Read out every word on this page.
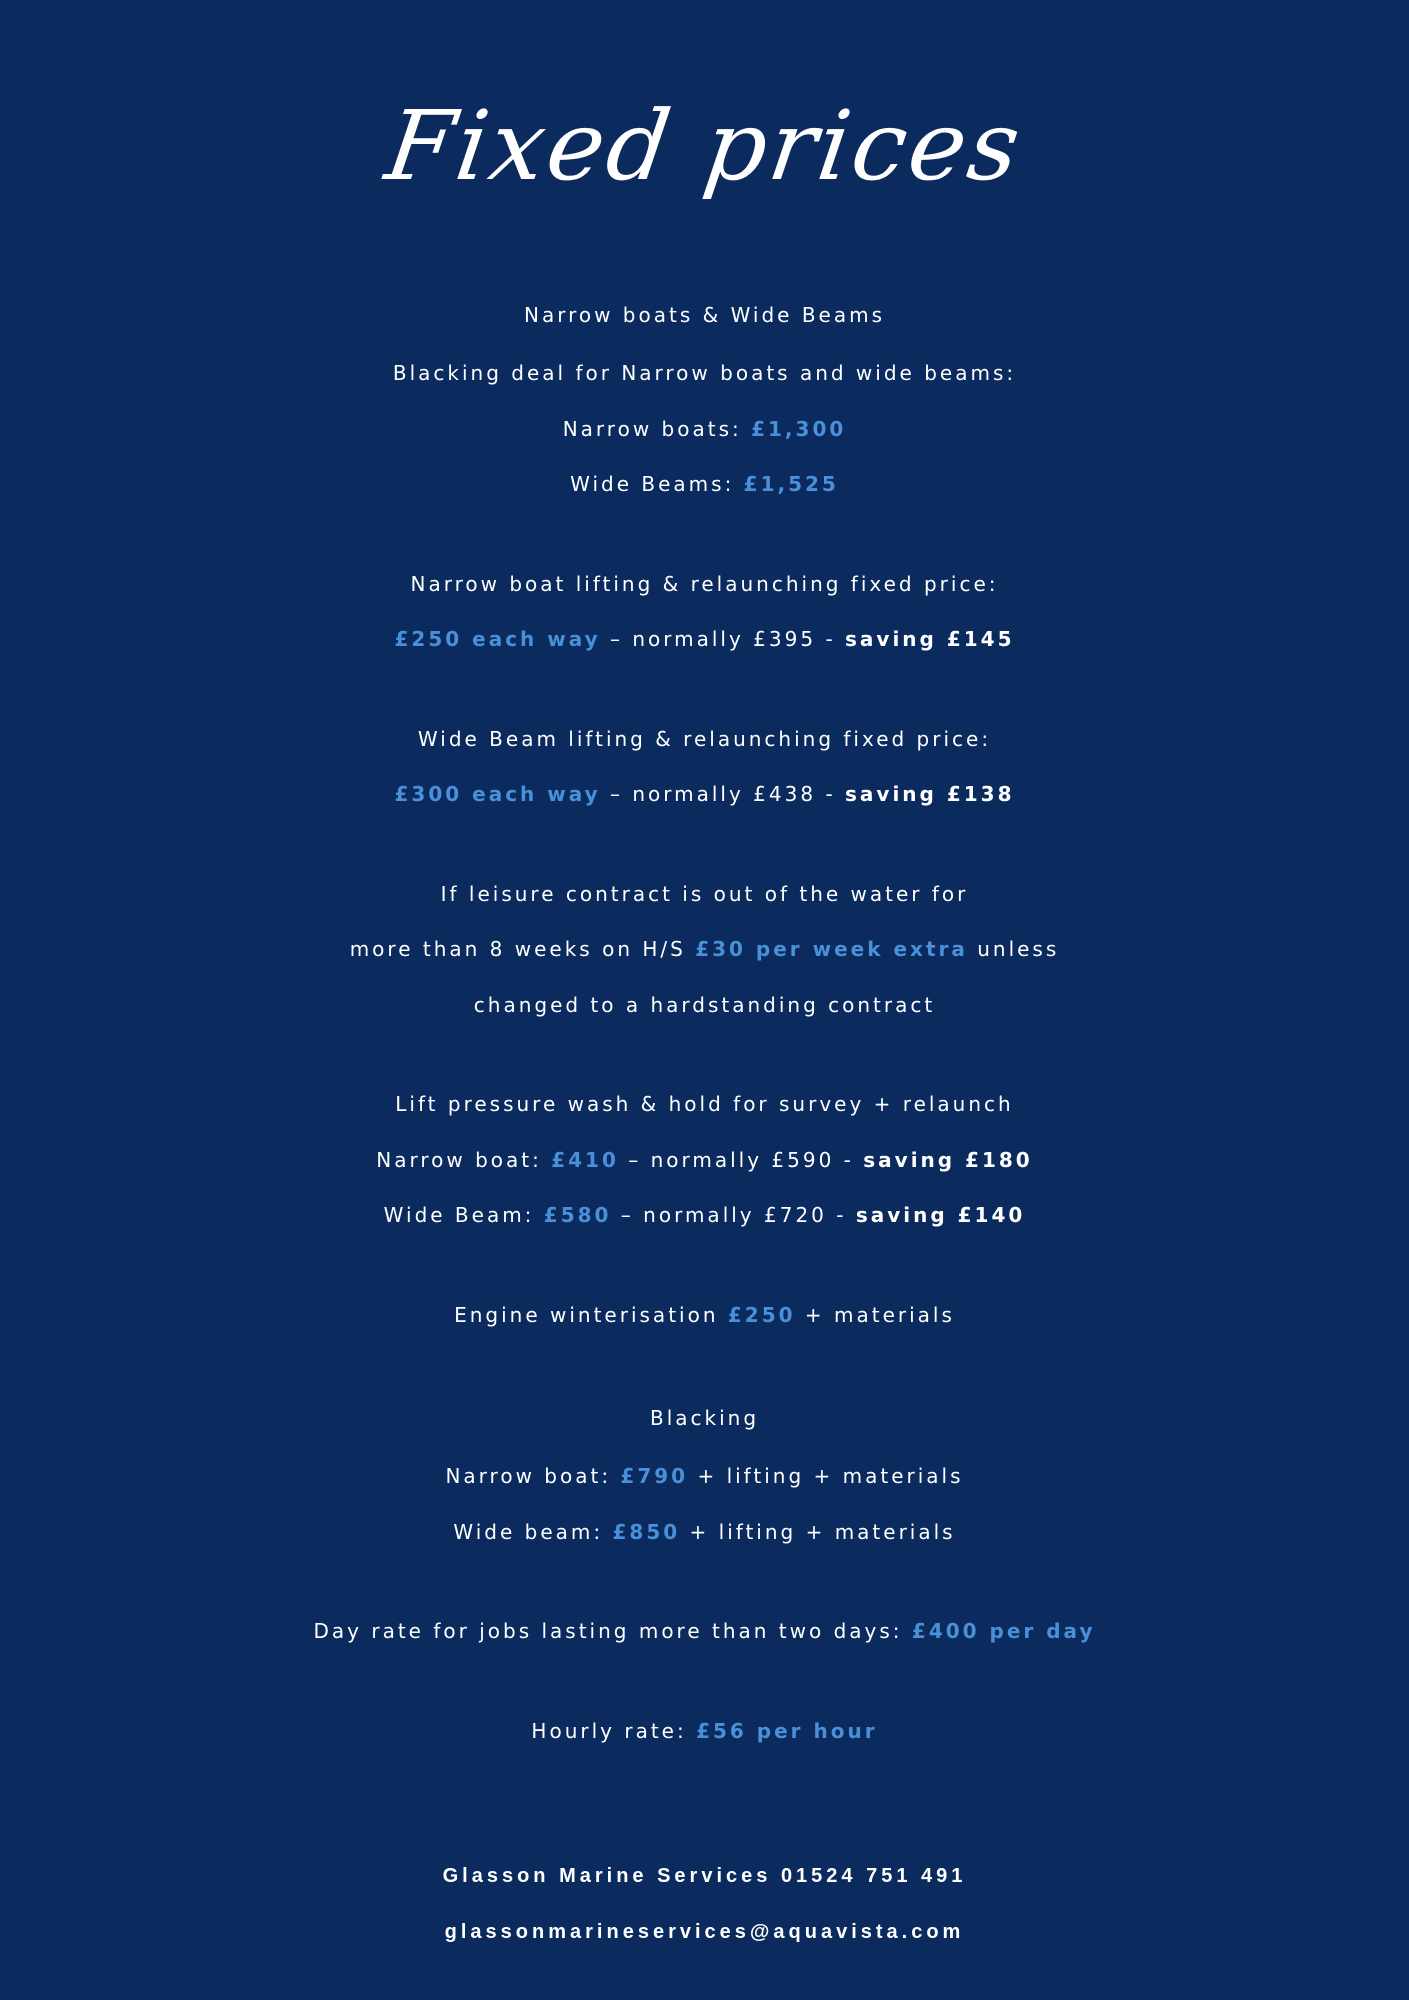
Fixed prices
Narrow boats & Wide Beams
Blacking deal for Narrow boats and wide beams:
Narrow boats: £1,300
Wide Beams: £1,525
Narrow boat lifting & relaunching fixed price:
£250 each way – normally £395 - saving £145
Wide Beam lifting & relaunching fixed price:
£300 each way – normally £438 - saving £138
If leisure contract is out of the water for
more than 8 weeks on H/S £30 per week extra unless
changed to a hardstanding contract
Lift pressure wash & hold for survey + relaunch
Narrow boat: £410 – normally £590 - saving £180
Wide Beam: £580 – normally £720 - saving £140
Engine winterisation £250 + materials
Blacking
Narrow boat: £790 + lifting + materials
Wide beam: £850 + lifting + materials
Day rate for jobs lasting more than two days: £400 per day
Hourly rate: £56 per hour
Glasson Marine Services 01524 751 491
glassonmarineservices@aquavista.com
